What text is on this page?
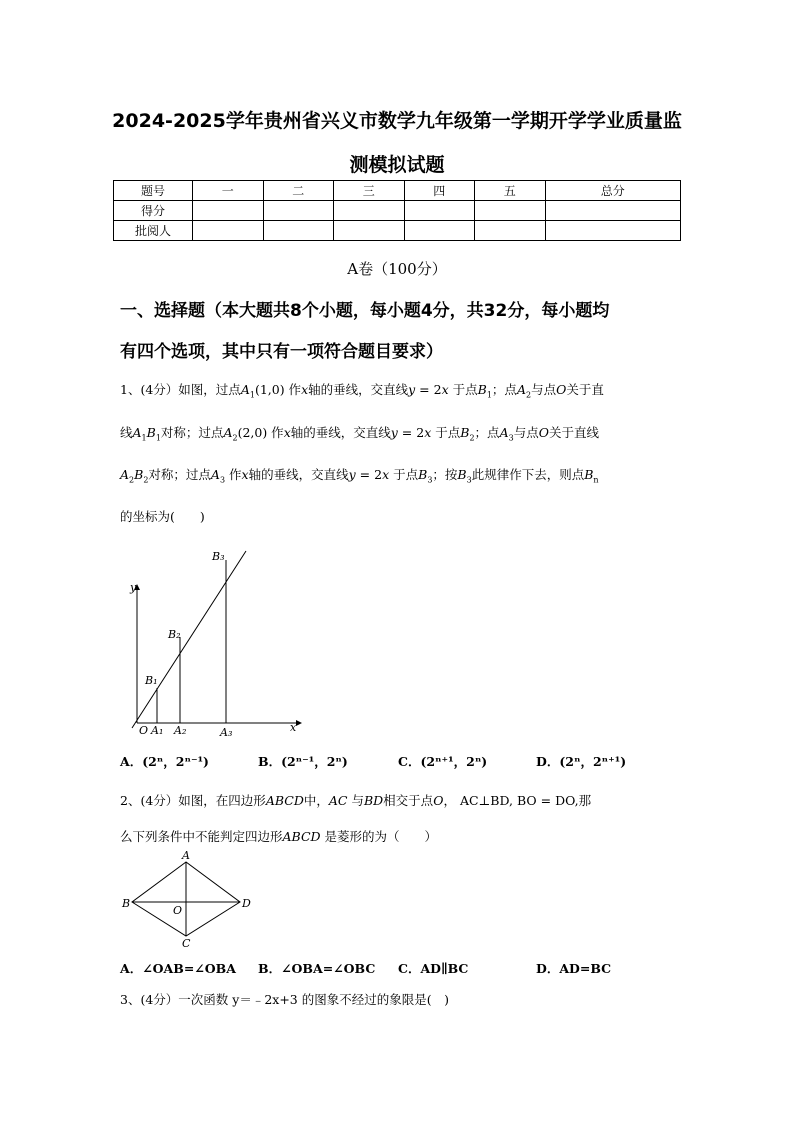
2024-2025学年贵州省兴义市数学九年级第一学期开学学业质量监
测模拟试题
题号	一	二	三	四	五	总分
得分						
批阅人						
A卷（100分）
一、选择题（本大题共8个小题，每小题4分，共32分，每小题均
有四个选项，其中只有一项符合题目要求）
1、(4分）如图，过点$A_1(1,0)$ 作x轴的垂线，交直线y = 2x 于点$B_1$；点$A_2$与点O关于直
线$A_1B_1$对称；过点$A_2(2,0)$ 作x轴的垂线，交直线y = 2x 于点$B_2$；点$A_3$与点O关于直线
$A_2B_2$对称；过点$A_3$ 作x轴的垂线，交直线y = 2x 于点$B_3$；按$B_3$此规律作下去，则点$B_n$
的坐标为(　　)
y
x
O A₁ A₂	A₃
B₁
B₂
B₃
A．(2ⁿ，2ⁿ⁻¹)	B．(2ⁿ⁻¹，2ⁿ)	C．(2ⁿ⁺¹，2ⁿ)	D．(2ⁿ，2ⁿ⁺¹)
2、(4分）如图，在四边形ABCD中，AC 与BD相交于点O， AC⊥BD, BO = DO,那
么下列条件中不能判定四边形ABCD 是菱形的为（　　）
A
B
C
D
O
A．∠OAB=∠OBA B．∠OBA=∠OBC C．AD∥BC	D．AD=BC
3、(4分）一次函数 y＝﹣2x+3 的图象不经过的象限是(　)
